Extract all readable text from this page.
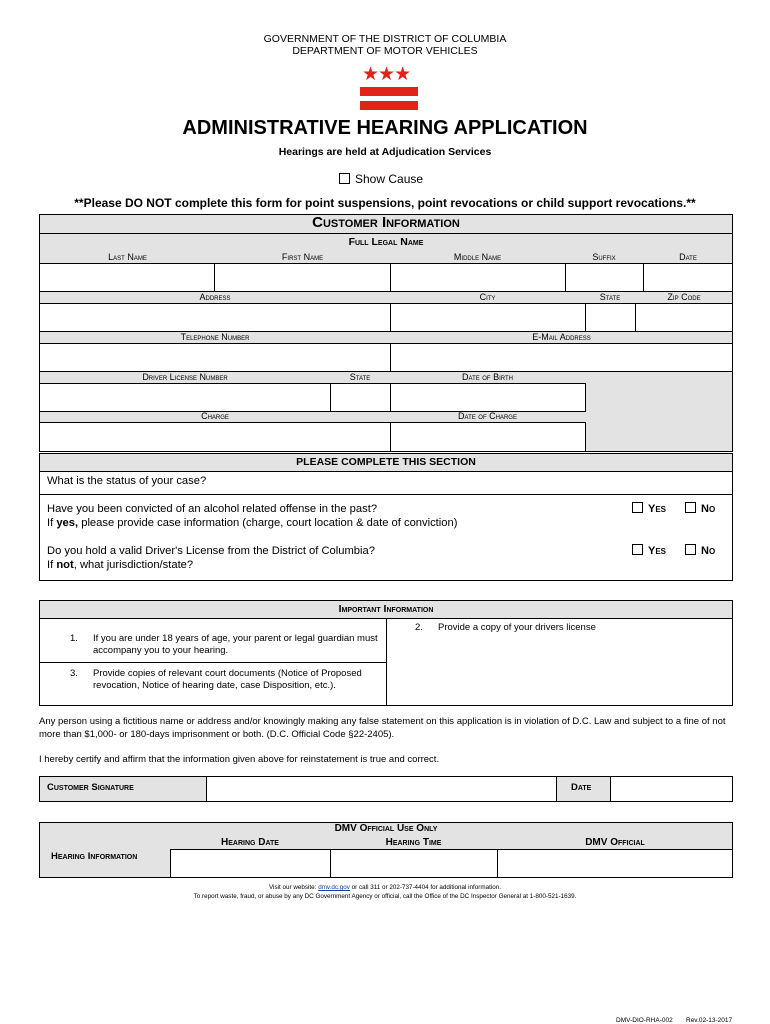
GOVERNMENT OF THE DISTRICT OF COLUMBIA
DEPARTMENT OF MOTOR VEHICLES
★★★
ADMINISTRATIVE HEARING APPLICATION
Hearings are held at Adjudication Services
Show Cause
**Please DO NOT complete this form for point suspensions, point revocations or child support revocations.**
Customer Information
Full Legal Name
Last Name	First Name	Middle Name	Suffix	Date
Address	City	State	Zip Code
Telephone Number	E-Mail Address
Driver License Number	State	Date of Birth
Charge	Date of Charge
PLEASE COMPLETE THIS SECTION
What is the status of your case?
Have you been convicted of an alcohol related offense in the past?
If yes, please provide case information (charge, court location & date of conviction)
Yes	No
Do you hold a valid Driver's License from the District of Columbia?
If not, what jurisdiction/state?
Yes	No
Important Information
1. If you are under 18 years of age, your parent or legal guardian must accompany you to your hearing.
2. Provide a copy of your drivers license
3. Provide copies of relevant court documents (Notice of Proposed revocation, Notice of hearing date, case Disposition, etc.).
Any person using a fictitious name or address and/or knowingly making any false statement on this application is in violation of D.C. Law and subject to a fine of not more than $1,000- or 180-days imprisonment or both. (D.C. Official Code §22-2405).
I hereby certify and affirm that the information given above for reinstatement is true and correct.
Customer Signature	Date
DMV Official Use Only
Hearing Date	Hearing Time	DMV Official
Hearing Information
Visit our website: dmv.dc.gov or call 311 or 202-737-4404 for additional information.
To report waste, fraud, or abuse by any DC Government Agency or official, call the Office of the DC Inspector General at 1-800-521-1639.
DMV-DIO-RHA-002 Rev.02-13-2017
